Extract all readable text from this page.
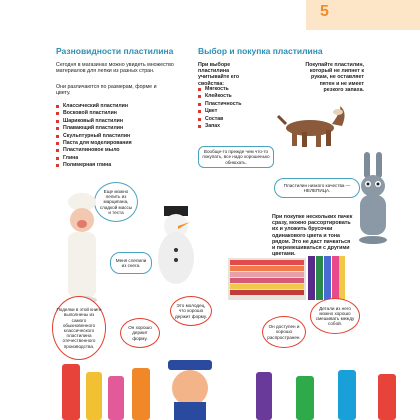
5
Разновидности пластилина
Сегодня в магазинах можно увидеть множество материалов для лепки из разных стран.
Они различаются по размерам, форме и цвету.
Классический пластилин
Восковой пластилин
Шариковый пластилин
Плавающий пластилин
Скульптурный пластилин
Паста для моделирования
Пластилиновое мыло
Глина
Полимерная глина
Выбор и покупка пластилина
При выборе пластилина учитывайте его свойства:
Мягкость
Клейкость
Пластичность
Цвет
Состав
Запах
Покупайте пластилин, который не липнет к рукам, не оставляет пятен и не имеет резкого запаха.
Вообще-то прежде чем что-то покупать, все надо хорошенько обнюхать.
Пластилин низкого качества — НЕЛЕПИЦА.
При покупке нескольких пачек сразу, можно рассортировать их и уложить брусочки одинакового цвета и тона рядом. Это не даст пачкаться и перемешиваться с другими цветами.
Еще можно лепить из марципана, сладкой массы и теста
Меня слепили из снега.
Поделки в этой книге выполнены из самого обыкновенного классического пластилина отечественного производства.
Он хорошо держит форму.
Это молодец, что хорошо держит форму.
Он доступен и хорошо распространен.
Детали из него можно хорошо смешивать между собой.
